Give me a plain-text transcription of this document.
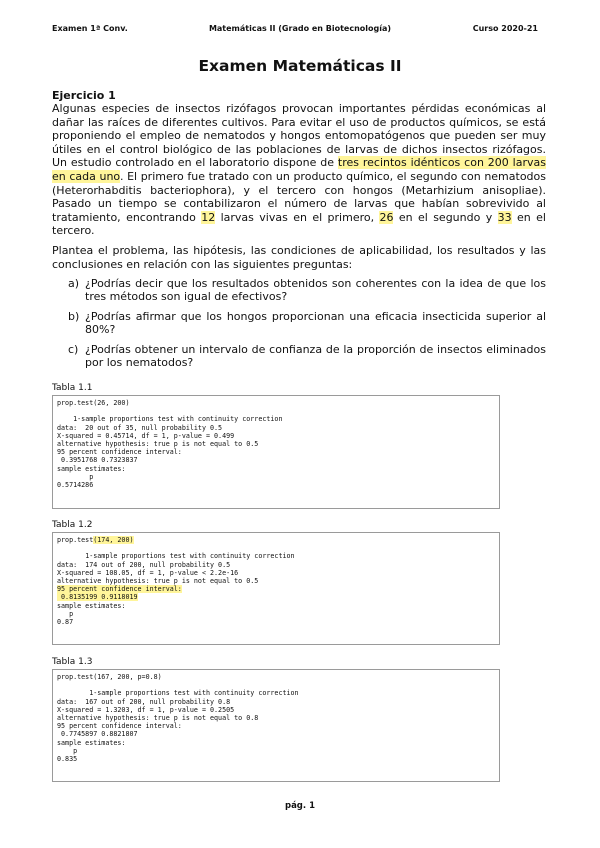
Examen 1ª Conv.	Matemáticas II (Grado en Biotecnología)	Curso 2020-21
Examen Matemáticas II
Ejercicio 1
Algunas especies de insectos rizófagos provocan importantes pérdidas económicas al dañar las raíces de diferentes cultivos. Para evitar el uso de productos químicos, se está proponiendo el empleo de nematodos y hongos entomopatógenos que pueden ser muy útiles en el control biológico de las poblaciones de larvas de dichos insectos rizófagos. Un estudio controlado en el laboratorio dispone de tres recintos idénticos con 200 larvas en cada uno. El primero fue tratado con un producto químico, el segundo con nematodos (Heterorhabditis bacteriophora), y el tercero con hongos (Metarhizium anisopliae). Pasado un tiempo se contabilizaron el número de larvas que habían sobrevivido al tratamiento, encontrando 12 larvas vivas en el primero, 26 en el segundo y 33 en el tercero.
Plantea el problema, las hipótesis, las condiciones de aplicabilidad, los resultados y las conclusiones en relación con las siguientes preguntas:
a) ¿Podrías decir que los resultados obtenidos son coherentes con la idea de que los tres métodos son igual de efectivos?
b) ¿Podrías afirmar que los hongos proporcionan una eficacia insecticida superior al 80%?
c) ¿Podrías obtener un intervalo de confianza de la proporción de insectos eliminados por los nematodos?
Tabla 1.1
prop.test(26, 200)

1-sample proportions test with continuity correction
data:  20 out of 35, null probability 0.5
X-squared = 0.45714, df = 1, p-value = 0.499
alternative hypothesis: true p is not equal to 0.5
95 percent confidence interval:
0.3951768 0.7323837
sample estimates:
p
0.5714286
Tabla 1.2
prop.test(174, 200)

1-sample proportions test with continuity correction
data:  174 out of 200, null probability 0.5
X-squared = 108.05, df = 1, p-value < 2.2e-16
alternative hypothesis: true p is not equal to 0.5
95 percent confidence interval:
0.8135199 0.9118019
sample estimates:
p
0.87
Tabla 1.3
prop.test(167, 200, p=0.8)

1-sample proportions test with continuity correction
data:  167 out of 200, null probability 0.8
X-squared = 1.3203, df = 1, p-value = 0.2505
alternative hypothesis: true p is not equal to 0.8
95 percent confidence interval:
0.7745897 0.8821807
sample estimates:
p
0.835
pág. 1
